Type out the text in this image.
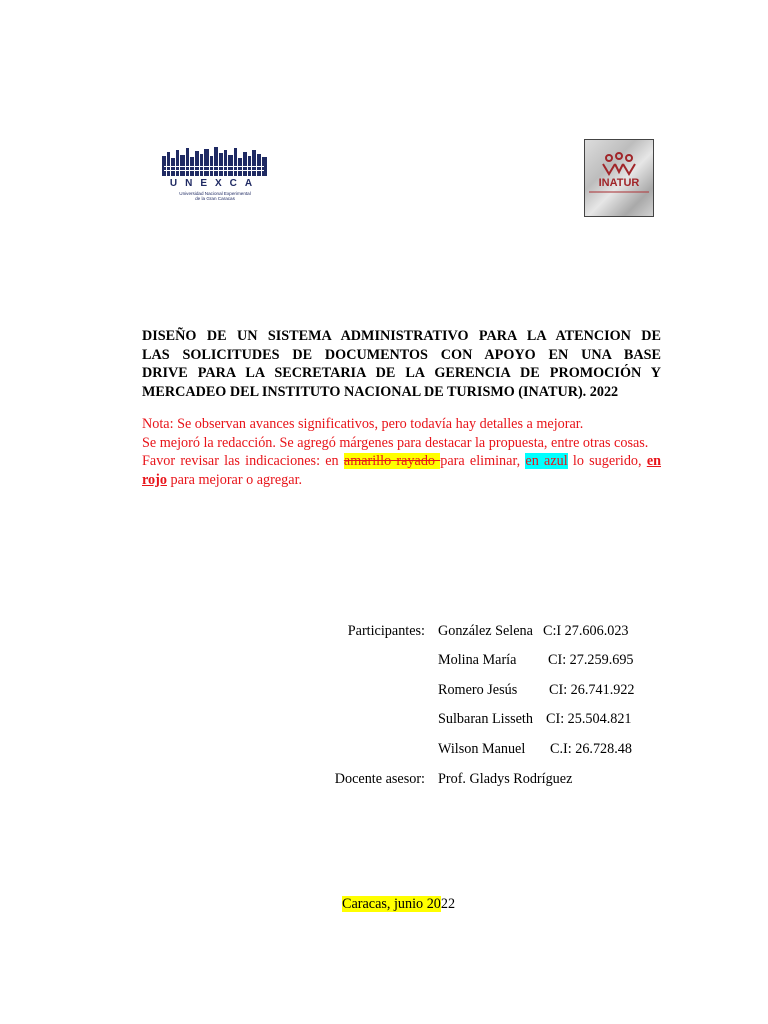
UNEXCA
Universidad Nacional Experimental
de la Gran Caracas
INATUR
DISEÑO DE UN SISTEMA ADMINISTRATIVO PARA LA ATENCION DE
LAS SOLICITUDES DE DOCUMENTOS CON APOYO EN UNA BASE
DRIVE PARA LA SECRETARIA DE LA GERENCIA DE PROMOCIÓN Y
MERCADEO DEL INSTITUTO NACIONAL DE TURISMO (INATUR). 2022

Nota: Se observan avances significativos, pero todavía hay detalles a mejorar.

Se mejoró la redacción. Se agregó márgenes para destacar la propuesta, entre otras cosas.

Favor revisar las indicaciones: en amarillo rayado para eliminar, en azul lo sugerido, en rojo para mejorar o agregar.

Participantes: González Selena C:I 27.606.023
Molina María CI: 27.259.695
Romero Jesús CI: 26.741.922
Sulbaran Lisseth CI: 25.504.821
Wilson Manuel C.I: 26.728.48
Docente asesor: Prof. Gladys Rodríguez
Caracas, junio 2022
